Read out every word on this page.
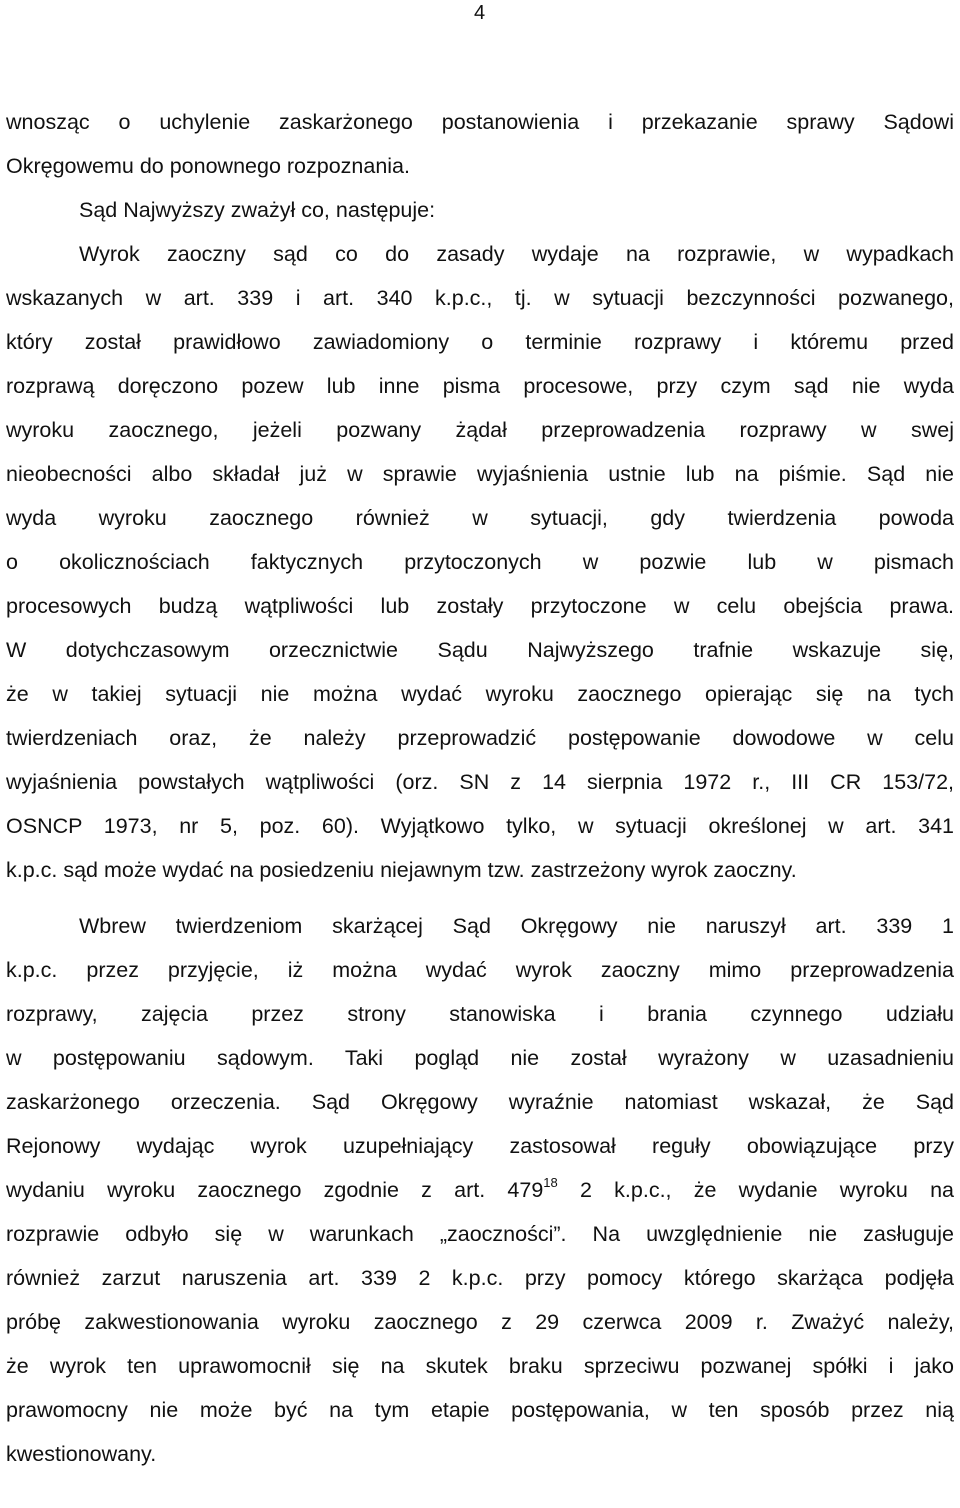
4
wnosząc o uchylenie zaskarżonego postanowienia i przekazanie sprawy Sądowi
Okręgowemu do ponownego rozpoznania.
Sąd Najwyższy zważył co, następuje:
Wyrok zaoczny sąd co do zasady wydaje na rozprawie, w wypadkach
wskazanych w art. 339 i art. 340 k.p.c., tj. w sytuacji bezczynności pozwanego,
który został prawidłowo zawiadomiony o terminie rozprawy i któremu przed
rozprawą doręczono pozew lub inne pisma procesowe, przy czym sąd nie wyda
wyroku zaocznego, jeżeli pozwany żądał przeprowadzenia rozprawy w swej
nieobecności albo składał już w sprawie wyjaśnienia ustnie lub na piśmie. Sąd nie
wyda wyroku zaocznego również w sytuacji, gdy twierdzenia powoda
o okolicznościach faktycznych przytoczonych w pozwie lub w pismach
procesowych budzą wątpliwości lub zostały przytoczone w celu obejścia prawa.
W dotychczasowym orzecznictwie Sądu Najwyższego trafnie wskazuje się,
że w takiej sytuacji nie można wydać wyroku zaocznego opierając się na tych
twierdzeniach oraz, że należy przeprowadzić postępowanie dowodowe w celu
wyjaśnienia powstałych wątpliwości (orz. SN z 14 sierpnia 1972 r., III CR 153/72,
OSNCP 1973, nr 5, poz. 60). Wyjątkowo tylko, w sytuacji określonej w art. 341
k.p.c. sąd może wydać na posiedzeniu niejawnym tzw. zastrzeżony wyrok zaoczny.
Wbrew twierdzeniom skarżącej Sąd Okręgowy nie naruszył art. 339 1
k.p.c. przez przyjęcie, iż można wydać wyrok zaoczny mimo przeprowadzenia
rozprawy, zajęcia przez strony stanowiska i brania czynnego udziału
w postępowaniu sądowym. Taki pogląd nie został wyrażony w uzasadnieniu
zaskarżonego orzeczenia. Sąd Okręgowy wyraźnie natomiast wskazał, że Sąd
Rejonowy wydając wyrok uzupełniający zastosował reguły obowiązujące przy
wydaniu wyroku zaocznego zgodnie z art. $479^{18}$ 2 k.p.c., że wydanie wyroku na
rozprawie odbyło się w warunkach „zaoczności”. Na uwzględnienie nie zasługuje
również zarzut naruszenia art. 339 2 k.p.c. przy pomocy którego skarżąca podjęła
próbę zakwestionowania wyroku zaocznego z 29 czerwca 2009 r. Zważyć należy,
że wyrok ten uprawomocnił się na skutek braku sprzeciwu pozwanej spółki i jako
prawomocny nie może być na tym etapie postępowania, w ten sposób przez nią
kwestionowany.
